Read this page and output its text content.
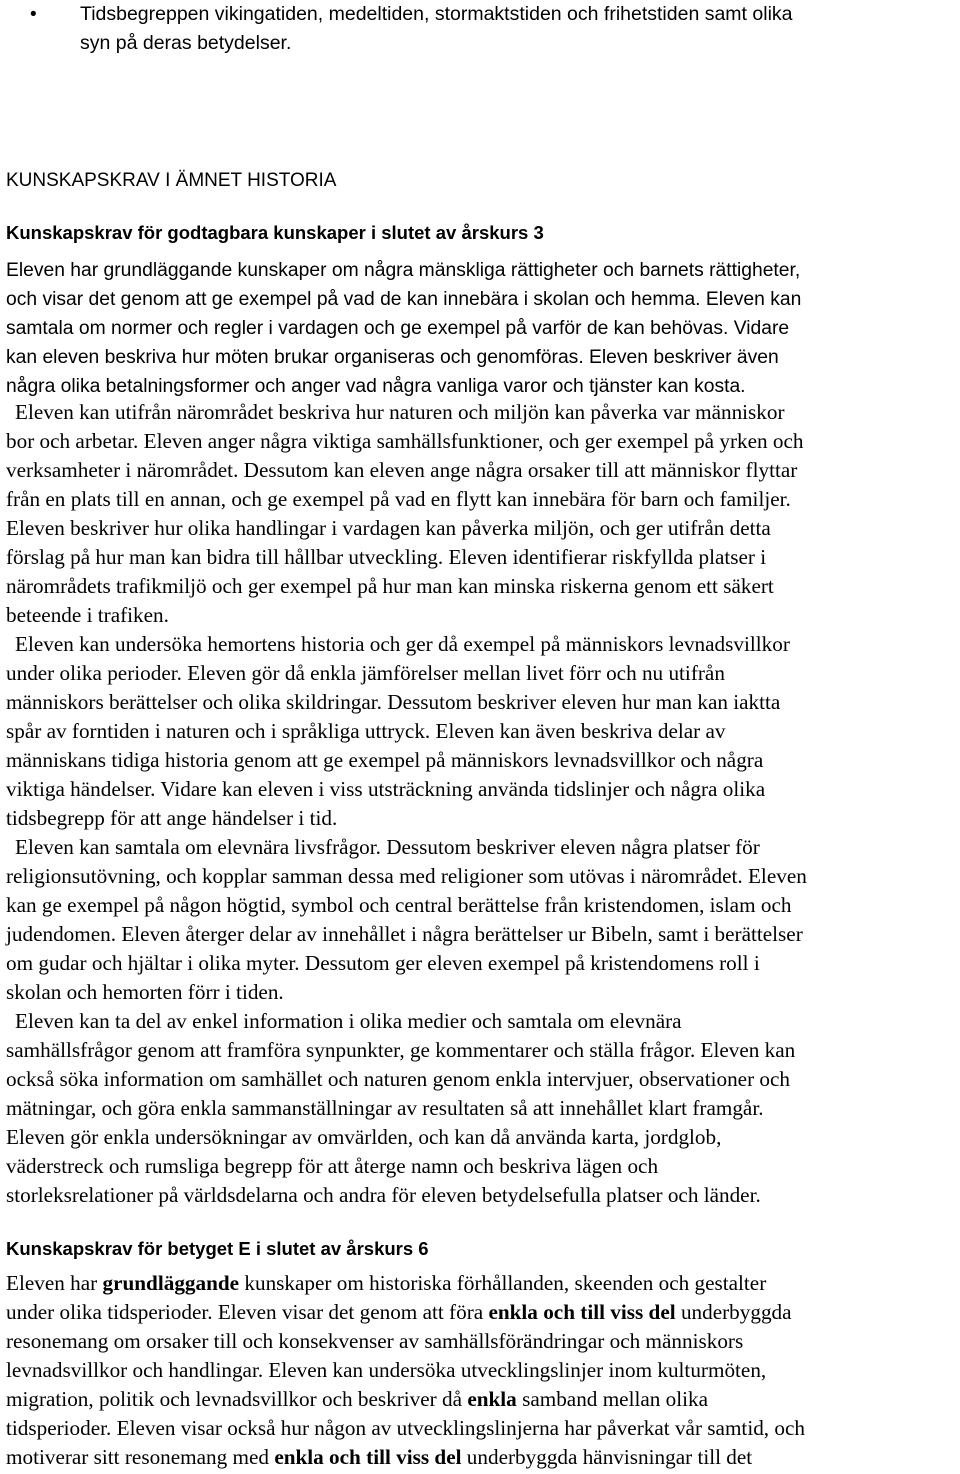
• Tidsbegreppen vikingatiden, medeltiden, stormaktstiden och frihetstiden samt olika
syn på deras betydelser.
KUNSKAPSKRAV I ÄMNET HISTORIA
Kunskapskrav för godtagbara kunskaper i slutet av årskurs 3
Eleven har grundläggande kunskaper om några mänskliga rättigheter och barnets rättigheter,
och visar det genom att ge exempel på vad de kan innebära i skolan och hemma. Eleven kan
samtala om normer och regler i vardagen och ge exempel på varför de kan behövas. Vidare
kan eleven beskriva hur möten brukar organiseras och genomföras. Eleven beskriver även
några olika betalningsformer och anger vad några vanliga varor och tjänster kan kosta.
Eleven kan utifrån närområdet beskriva hur naturen och miljön kan påverka var människor
bor och arbetar. Eleven anger några viktiga samhällsfunktioner, och ger exempel på yrken och
verksamheter i närområdet. Dessutom kan eleven ange några orsaker till att människor flyttar
från en plats till en annan, och ge exempel på vad en flytt kan innebära för barn och familjer.
Eleven beskriver hur olika handlingar i vardagen kan påverka miljön, och ger utifrån detta
förslag på hur man kan bidra till hållbar utveckling. Eleven identifierar riskfyllda platser i
närområdets trafikmiljö och ger exempel på hur man kan minska riskerna genom ett säkert
beteende i trafiken.
Eleven kan undersöka hemortens historia och ger då exempel på människors levnadsvillkor
under olika perioder. Eleven gör då enkla jämförelser mellan livet förr och nu utifrån
människors berättelser och olika skildringar. Dessutom beskriver eleven hur man kan iaktta
spår av forntiden i naturen och i språkliga uttryck. Eleven kan även beskriva delar av
människans tidiga historia genom att ge exempel på människors levnadsvillkor och några
viktiga händelser. Vidare kan eleven i viss utsträckning använda tidslinjer och några olika
tidsbegrepp för att ange händelser i tid.
Eleven kan samtala om elevnära livsfrågor. Dessutom beskriver eleven några platser för
religionsutövning, och kopplar samman dessa med religioner som utövas i närområdet. Eleven
kan ge exempel på någon högtid, symbol och central berättelse från kristendomen, islam och
judendomen. Eleven återger delar av innehållet i några berättelser ur Bibeln, samt i berättelser
om gudar och hjältar i olika myter. Dessutom ger eleven exempel på kristendomens roll i
skolan och hemorten förr i tiden.
Eleven kan ta del av enkel information i olika medier och samtala om elevnära
samhällsfrågor genom att framföra synpunkter, ge kommentarer och ställa frågor. Eleven kan
också söka information om samhället och naturen genom enkla intervjuer, observationer och
mätningar, och göra enkla sammanställningar av resultaten så att innehållet klart framgår.
Eleven gör enkla undersökningar av omvärlden, och kan då använda karta, jordglob,
väderstreck och rumsliga begrepp för att återge namn och beskriva lägen och
storleksrelationer på världsdelarna och andra för eleven betydelsefulla platser och länder.
Kunskapskrav för betyget E i slutet av årskurs 6
Eleven har grundläggande kunskaper om historiska förhållanden, skeenden och gestalter
under olika tidsperioder. Eleven visar det genom att föra enkla och till viss del underbyggda
resonemang om orsaker till och konsekvenser av samhällsförändringar och människors
levnadsvillkor och handlingar. Eleven kan undersöka utvecklingslinjer inom kulturmöten,
migration, politik och levnadsvillkor och beskriver då enkla samband mellan olika
tidsperioder. Eleven visar också hur någon av utvecklingslinjerna har påverkat vår samtid, och
motiverar sitt resonemang med enkla och till viss del underbyggda hänvisningar till det
